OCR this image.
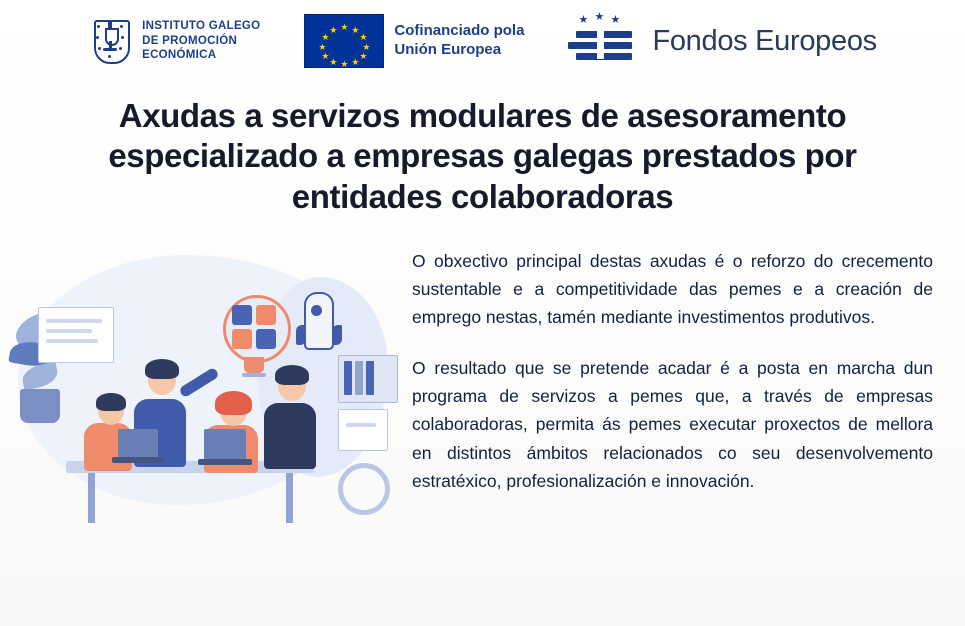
INSTITUTO GALEGO
DE PROMOCIÓN
ECONÓMICA
★ ★
★
★
★
★
★
★
★
★
★
★	Cofinanciado pola
Unión Europea
★ ★ ★
Fondos Europeos
Axudas a servizos modulares de asesoramento especializado a empresas galegas prestados por entidades colaboradoras

O obxectivo principal destas axudas é o reforzo do crecemento sustentable e a competitividade das pemes e a creación de emprego nestas, tamén mediante investimentos produtivos.

O resultado que se pretende acadar é a posta en marcha dun programa de servizos a pemes que, a través de empresas colaboradoras, permita ás pemes executar proxectos de mellora en distintos ámbitos relacionados co seu desenvolvemento estratéxico, profesionalización e innovación.
